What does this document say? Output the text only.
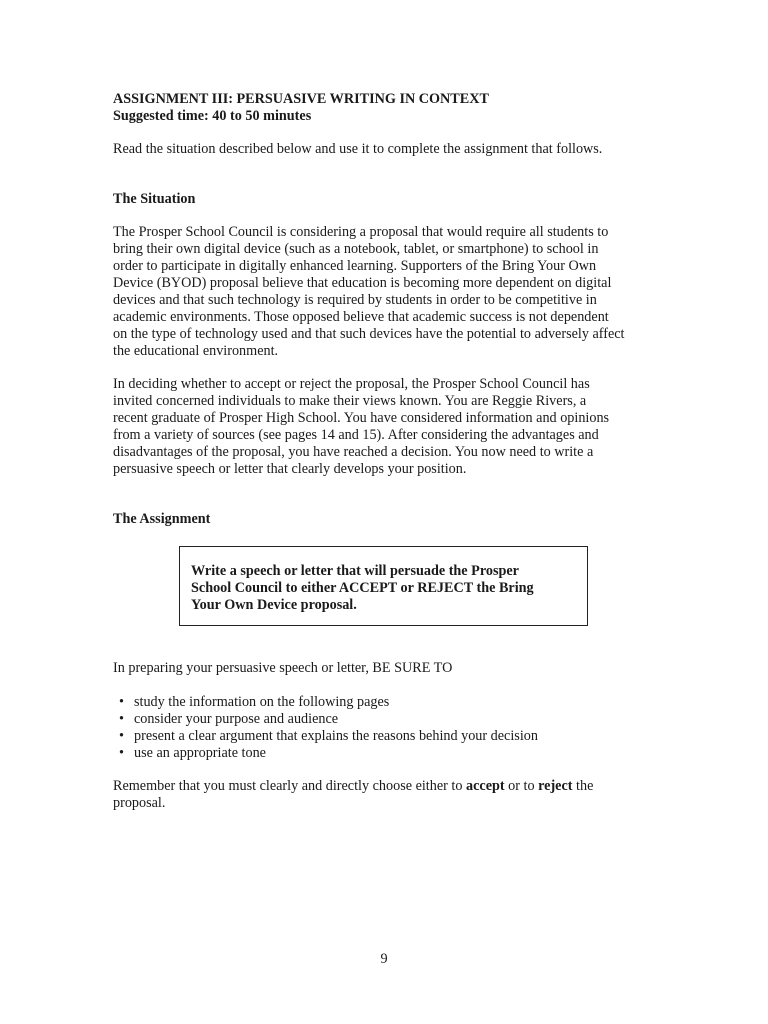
ASSIGNMENT III: PERSUASIVE WRITING IN CONTEXT

Suggested time: 40 to 50 minutes

Read the situation described below and use it to complete the assignment that follows.

The Situation

The Prosper School Council is considering a proposal that would require all students to

bring their own digital device (such as a notebook, tablet, or smartphone) to school in

order to participate in digitally enhanced learning. Supporters of the Bring Your Own

Device (BYOD) proposal believe that education is becoming more dependent on digital

devices and that such technology is required by students in order to be competitive in

academic environments. Those opposed believe that academic success is not dependent

on the type of technology used and that such devices have the potential to adversely affect

the educational environment.

In deciding whether to accept or reject the proposal, the Prosper School Council has

invited concerned individuals to make their views known. You are Reggie Rivers, a

recent graduate of Prosper High School. You have considered information and opinions

from a variety of sources (see pages 14 and 15). After considering the advantages and

disadvantages of the proposal, you have reached a decision. You now need to write a

persuasive speech or letter that clearly develops your position.

The Assignment

Write a speech or letter that will persuade the Prosper
School Council to either ACCEPT or REJECT the Bring
Your Own Device proposal.

In preparing your persuasive speech or letter, BE SURE TO

• study the information on the following pages
• consider your purpose and audience
• present a clear argument that explains the reasons behind your decision
• use an appropriate tone

Remember that you must clearly and directly choose either to accept or to reject the

proposal.

9
